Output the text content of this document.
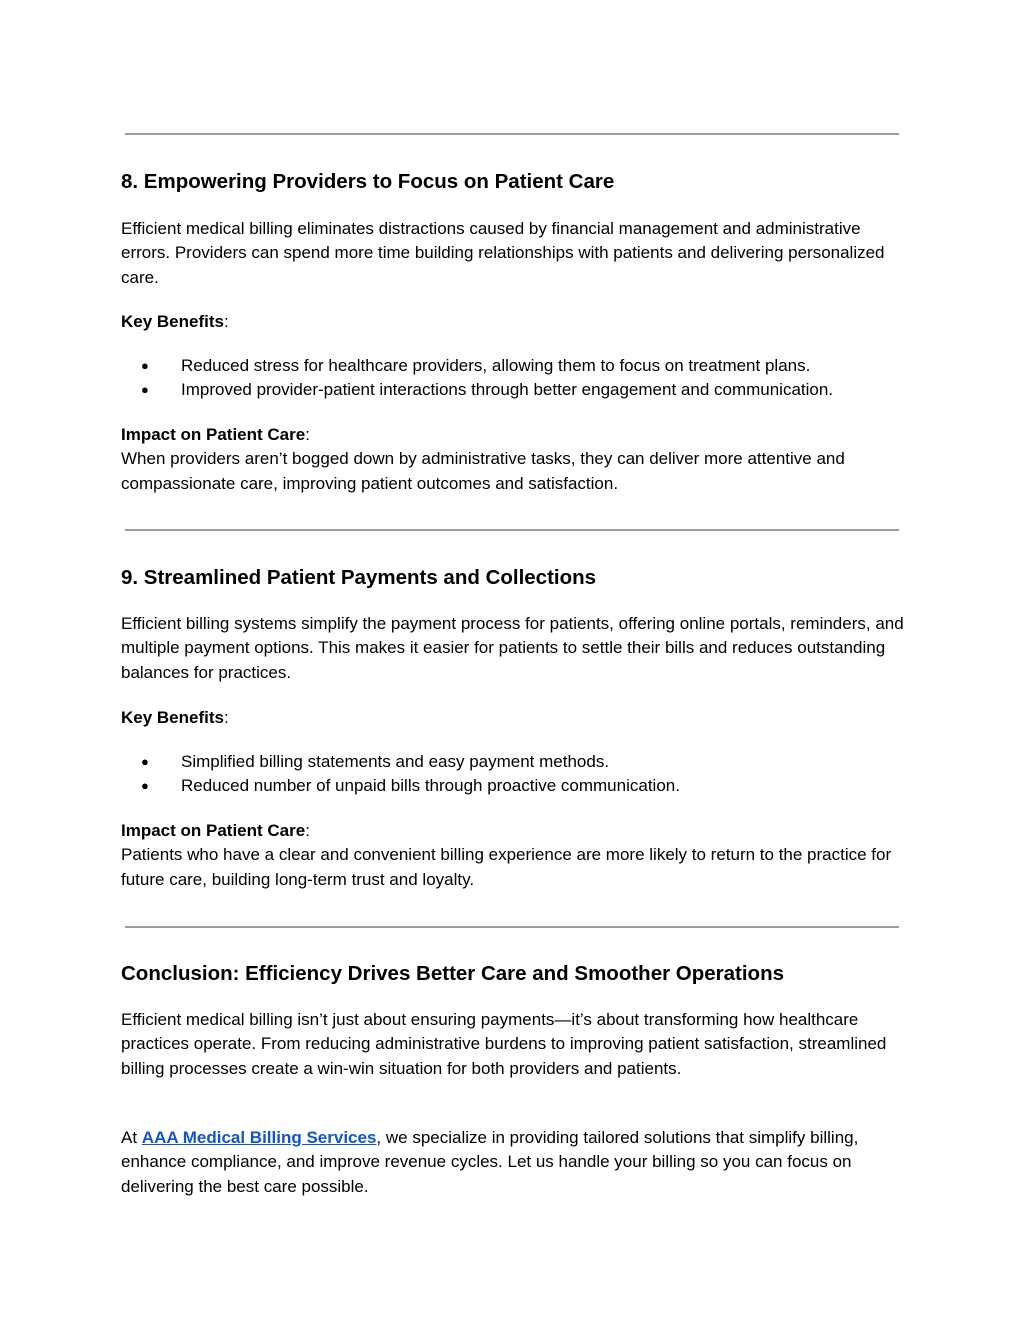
8. Empowering Providers to Focus on Patient Care

Efficient medical billing eliminates distractions caused by financial management and administrative errors. Providers can spend more time building relationships with patients and delivering personalized care.

Key Benefits:

● Reduced stress for healthcare providers, allowing them to focus on treatment plans.
● Improved provider-patient interactions through better engagement and communication.

Impact on Patient Care:
When providers aren’t bogged down by administrative tasks, they can deliver more attentive and compassionate care, improving patient outcomes and satisfaction.

9. Streamlined Patient Payments and Collections

Efficient billing systems simplify the payment process for patients, offering online portals, reminders, and multiple payment options. This makes it easier for patients to settle their bills and reduces outstanding balances for practices.

Key Benefits:

● Simplified billing statements and easy payment methods.
● Reduced number of unpaid bills through proactive communication.

Impact on Patient Care:
Patients who have a clear and convenient billing experience are more likely to return to the practice for future care, building long-term trust and loyalty.

Conclusion: Efficiency Drives Better Care and Smoother Operations

Efficient medical billing isn’t just about ensuring payments—it’s about transforming how healthcare practices operate. From reducing administrative burdens to improving patient satisfaction, streamlined billing processes create a win-win situation for both providers and patients.

At AAA Medical Billing Services, we specialize in providing tailored solutions that simplify billing, enhance compliance, and improve revenue cycles. Let us handle your billing so you can focus on delivering the best care possible.
